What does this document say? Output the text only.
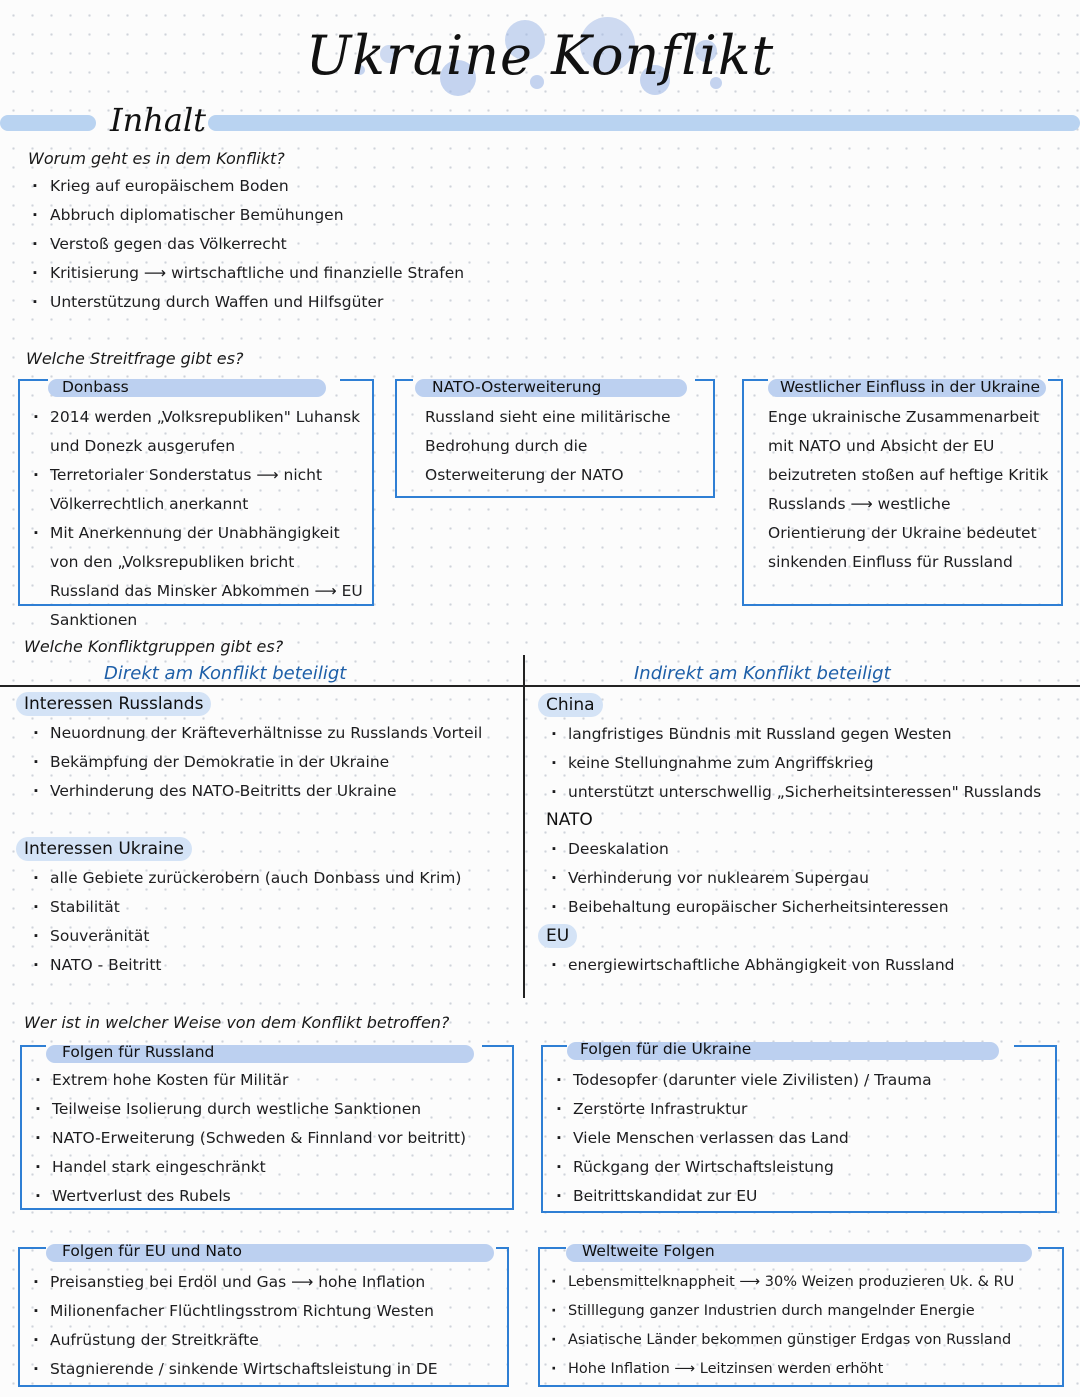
Ukraine Konflikt
Inhalt
Worum geht es in dem Konflikt?
· Krieg auf europäischem Boden
· Abbruch diplomatischer Bemühungen
· Verstoß gegen das Völkerrecht
· Kritisierung ⟶ wirtschaftliche und finanzielle Strafen
· Unterstützung durch Waffen und Hilfsgüter
Welche Streitfrage gibt es?
Donbass
· 2014 werden „Volksrepubliken" Luhansk und Donezk ausgerufen
· Terretorialer Sonderstatus ⟶ nicht Völkerrechtlich anerkannt
· Mit Anerkennung der Unabhängigkeit von den „Volksrepubliken bricht Russland das Minsker Abkommen ⟶ EU Sanktionen
NATO-Osterweiterung
Russland sieht eine militärische Bedrohung durch die Osterweiterung der NATO
Westlicher Einfluss in der Ukraine
Enge ukrainische Zusammenarbeit mit NATO und Absicht der EU beizutreten stoßen auf heftige Kritik Russlands ⟶ westliche Orientierung der Ukraine bedeutet sinkenden Einfluss für Russland
Welche Konfliktgruppen gibt es?
Direkt am Konflikt beteiligt	Indirekt am Konflikt beteiligt
Interessen Russlands
· Neuordnung der Kräfteverhältnisse zu Russlands Vorteil
· Bekämpfung der Demokratie in der Ukraine
· Verhinderung des NATO-Beitritts der Ukraine
Interessen Ukraine
· alle Gebiete zurückerobern (auch Donbass und Krim)
· Stabilität
· Souveränität
· NATO - Beitritt
China
· langfristiges Bündnis mit Russland gegen Westen
· keine Stellungnahme zum Angriffskrieg
· unterstützt unterschwellig „Sicherheitsinteressen" Russlands
NATO
· Deeskalation
· Verhinderung vor nuklearem Supergau
· Beibehaltung europäischer Sicherheitsinteressen
EU
· energiewirtschaftliche Abhängigkeit von Russland
Wer ist in welcher Weise von dem Konflikt betroffen?
Folgen für Russland
· Extrem hohe Kosten für Militär
· Teilweise Isolierung durch westliche Sanktionen
· NATO-Erweiterung (Schweden & Finnland vor beitritt)
· Handel stark eingeschränkt
· Wertverlust des Rubels
Folgen für die Ukraine
· Todesopfer (darunter viele Zivilisten) / Trauma
· Zerstörte Infrastruktur
· Viele Menschen verlassen das Land
· Rückgang der Wirtschaftsleistung
· Beitrittskandidat zur EU
Folgen für EU und Nato
· Preisanstieg bei Erdöl und Gas ⟶ hohe Inflation
· Milionenfacher Flüchtlingsstrom Richtung Westen
· Aufrüstung der Streitkräfte
· Stagnierende / sinkende Wirtschaftsleistung in DE
Weltweite Folgen
· Lebensmittelknappheit ⟶ 30% Weizen produzieren Uk. & RU
· Stilllegung ganzer Industrien durch mangelnder Energie
· Asiatische Länder bekommen günstiger Erdgas von Russland
· Hohe Inflation ⟶ Leitzinsen werden erhöht
